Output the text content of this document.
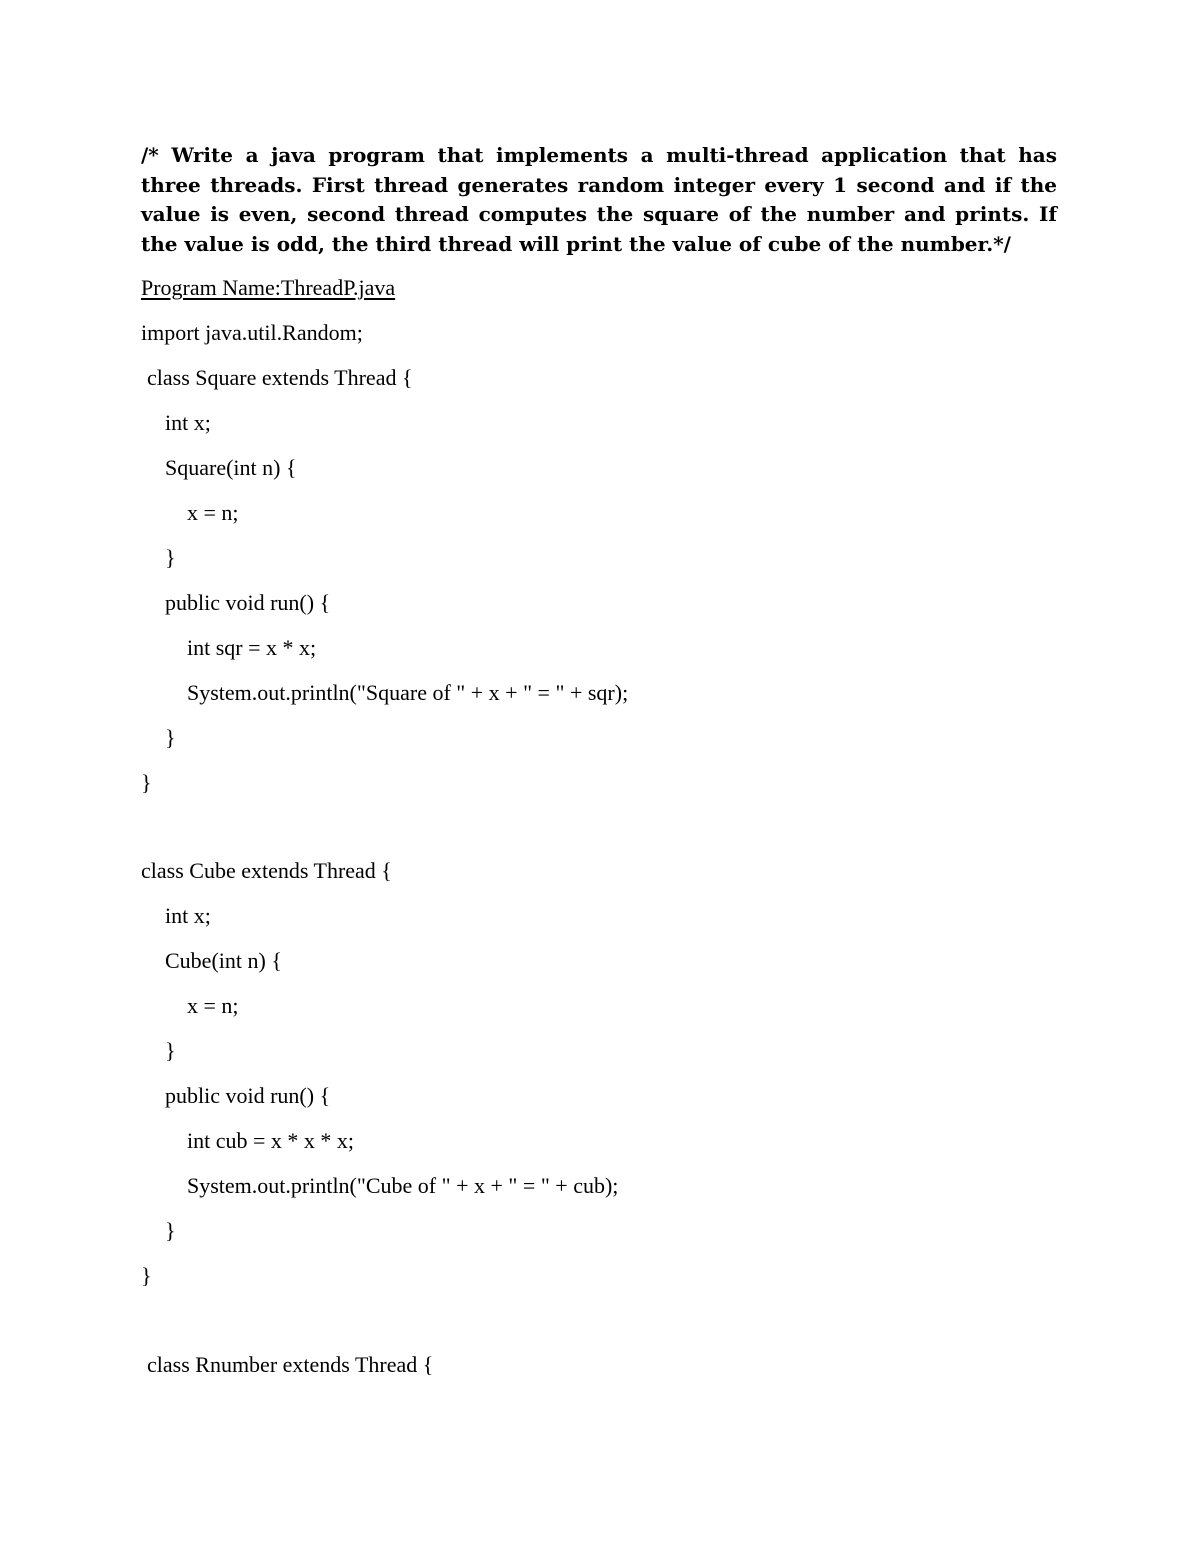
/* Write a java program that implements a multi-thread application that has three threads. First thread generates random integer every 1 second and if the value is even, second thread computes the square of the number and prints. If the value is odd, the third thread will print the value of cube of the number.*/
Program Name:ThreadP.java
import java.util.Random;
class Square extends Thread {
int x;
Square(int n) {
x = n;
}
public void run() {
int sqr = x * x;
System.out.println("Square of " + x + " = " + sqr);
}
}
class Cube extends Thread {
int x;
Cube(int n) {
x = n;
}
public void run() {
int cub = x * x * x;
System.out.println("Cube of " + x + " = " + cub);
}
}
class Rnumber extends Thread {
